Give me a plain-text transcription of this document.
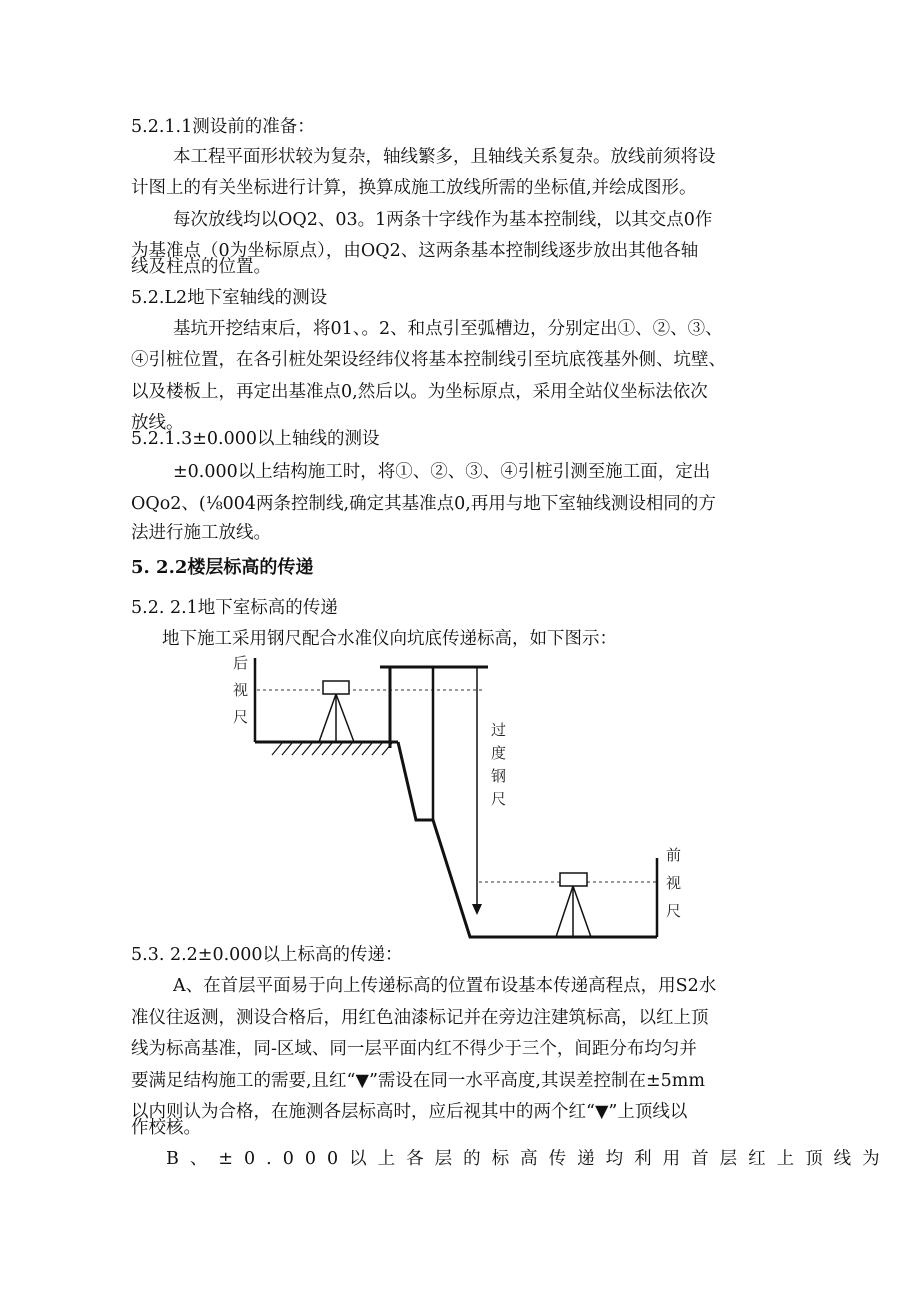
5.2.1.1测设前的准备：
本工程平面形状较为复杂，轴线繁多，且轴线关系复杂。放线前须将设
计图上的有关坐标进行计算，换算成施工放线所需的坐标值,并绘成图形。
每次放线均以OQ2、03。1两条十字线作为基本控制线，以其交点0作
为基准点（0为坐标原点），由OQ2、这两条基本控制线逐步放出其他各轴
线及柱点的位置。
5.2.L2地下室轴线的测设
基坑开挖结束后，将01、。2、和点引至弧槽边，分别定出①、②、③、
④引桩位置，在各引桩处架设经纬仪将基本控制线引至坑底筏基外侧、坑壁、
以及楼板上，再定出基准点0,然后以。为坐标原点，采用全站仪坐标法依次
放线。
5.2.1.3±0.000以上轴线的测设
±0.000以上结构施工时，将①、②、③、④引桩引测至施工面，定出
OQo2、(⅛004两条控制线,确定其基准点0,再用与地下室轴线测设相同的方
法进行施工放线。
5. 2.2楼层标高的传递
5.2. 2.1地下室标高的传递
地下施工采用钢尺配合水准仪向坑底传递标高，如下图示：
后
视
尺
过
度
钢
尺
前
视
尺
5.3. 2.2±0.000以上标高的传递：
A、在首层平面易于向上传递标高的位置布设基本传递高程点，用S2水
准仪往返测，测设合格后，用红色油漆标记并在旁边注建筑标高，以红上顶
线为标高基准，同-区域、同一层平面内红不得少于三个，间距分布均匀并
要满足结构施工的需要,且红“▼”需设在同一水平高度,其误差控制在±5mm
以内则认为合格，在施测各层标高时，应后视其中的两个红“▼”上顶线以
作校核。
B、±0.000以上各层的标高传递均利用首层红上顶线为
